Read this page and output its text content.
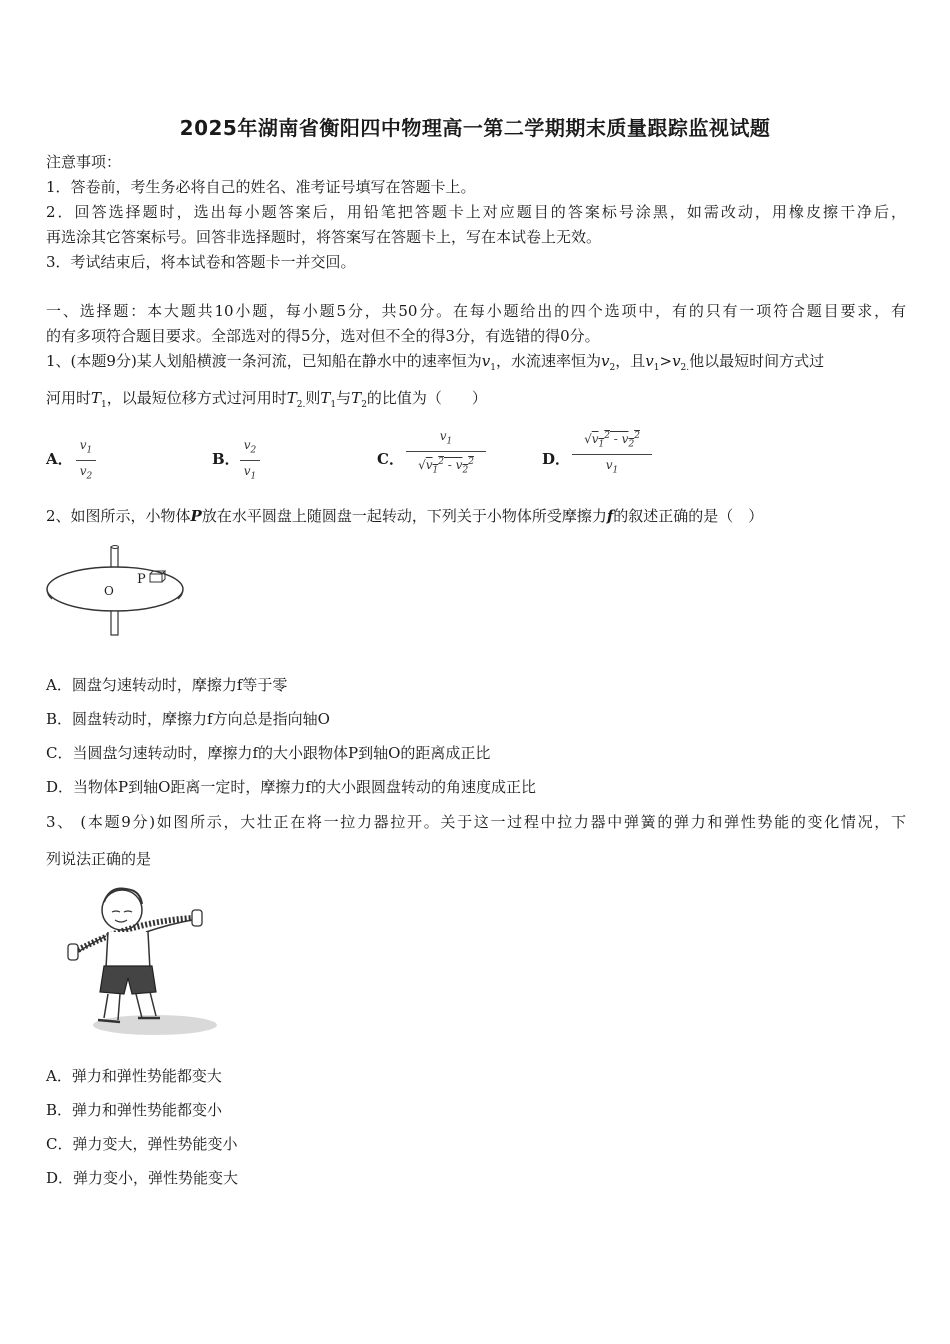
2025年湖南省衡阳四中物理高一第二学期期末质量跟踪监视试题
注意事项：
1．答卷前，考生务必将自己的姓名、准考证号填写在答题卡上。
2．回答选择题时，选出每小题答案后，用铅笔把答题卡上对应题目的答案标号涂黑，如需改动，用橡皮擦干净后，
再选涂其它答案标号。回答非选择题时，将答案写在答题卡上，写在本试卷上无效。
3．考试结束后，将本试卷和答题卡一并交回。
一、选择题：本大题共10小题，每小题5分，共50分。在每小题给出的四个选项中，有的只有一项符合题目要求，有
的有多项符合题目要求。全部选对的得5分，选对但不全的得3分，有选错的得0分。
1、(本题9分)某人划船横渡一条河流，已知船在静水中的速率恒为$v_1$，水流速率恒为$v_2$，且$v_1>v_{2.}$他以最短时间方式过
河用时$T_1$，以最短位移方式过河用时$T_{2.}$则$T_1$与$T_2$的比值为（　　）
A．
$v_1$
$v_2$
B．
$v_2$
$v_1$
C．
$v_1$
$√v_1^2 - v_2^2$	D．
$√v_1^2 - v_2^2$
$v_1$
2、如图所示，小物体P放在水平圆盘上随圆盘一起转动，下列关于小物体所受摩擦力f的叙述正确的是（　）
P
O
A．圆盘匀速转动时，摩擦力f等于零
B．圆盘转动时，摩擦力f方向总是指向轴O
C．当圆盘匀速转动时，摩擦力f的大小跟物体P到轴O的距离成正比
D．当物体P到轴O距离一定时，摩擦力f的大小跟圆盘转动的角速度成正比
3、 (本题9分)如图所示，大壮正在将一拉力器拉开。关于这一过程中拉力器中弹簧的弹力和弹性势能的变化情况，下
列说法正确的是
A．弹力和弹性势能都变大
B．弹力和弹性势能都变小
C．弹力变大，弹性势能变小
D．弹力变小，弹性势能变大
